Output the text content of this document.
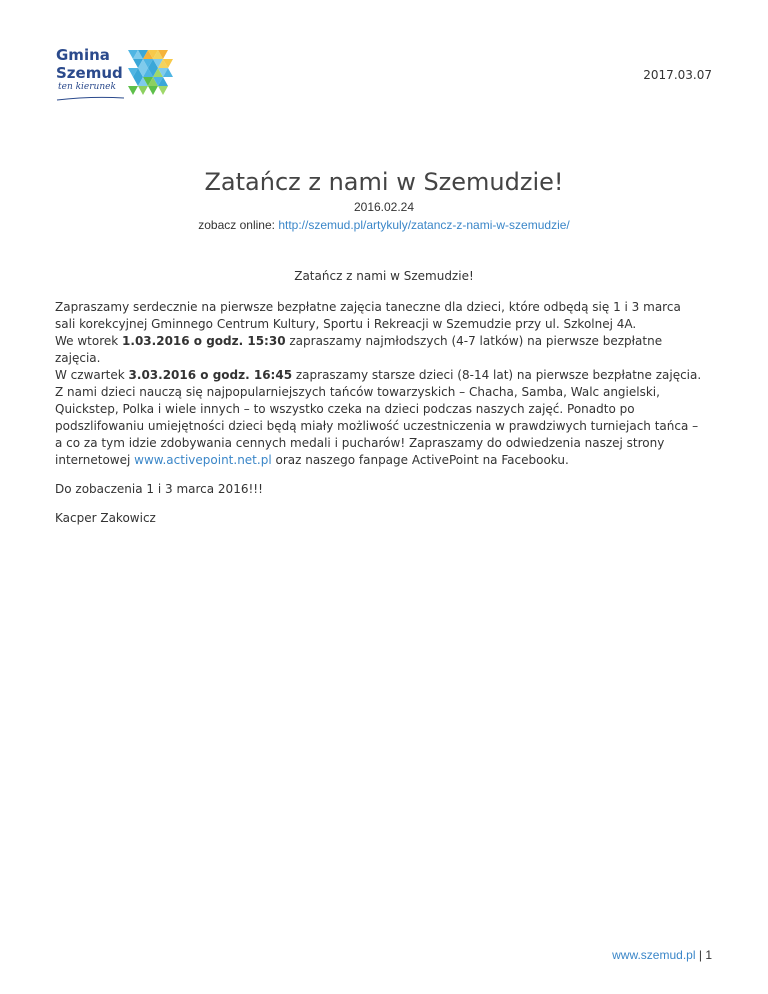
Gmina
Szemud
ten kierunek
2017.03.07
Zatańcz z nami w Szemudzie!
2016.02.24
zobacz online: http://szemud.pl/artykuly/zatancz-z-nami-w-szemudzie/
Zatańcz z nami w Szemudzie!
Zapraszamy serdecznie na pierwsze bezpłatne zajęcia taneczne dla dzieci, które odbędą się 1 i 3 marca
sali korekcyjnej Gminnego Centrum Kultury, Sportu i Rekreacji w Szemudzie przy ul. Szkolnej 4A.
We wtorek 1.03.2016 o godz. 15:30 zapraszamy najmłodszych (4-7 latków) na pierwsze bezpłatne
zajęcia.
W czwartek 3.03.2016 o godz. 16:45 zapraszamy starsze dzieci (8-14 lat) na pierwsze bezpłatne zajęcia.
Z nami dzieci nauczą się najpopularniejszych tańców towarzyskich – Chacha, Samba, Walc angielski,
Quickstep, Polka i wiele innych – to wszystko czeka na dzieci podczas naszych zajęć. Ponadto po
podszlifowaniu umiejętności dzieci będą miały możliwość uczestniczenia w prawdziwych turniejach tańca –
a co za tym idzie zdobywania cennych medali i pucharów! Zapraszamy do odwiedzenia naszej strony
internetowej www.activepoint.net.pl oraz naszego fanpage ActivePoint na Facebooku.
Do zobaczenia 1 i 3 marca 2016!!!
Kacper Zakowicz
www.szemud.pl | 1
